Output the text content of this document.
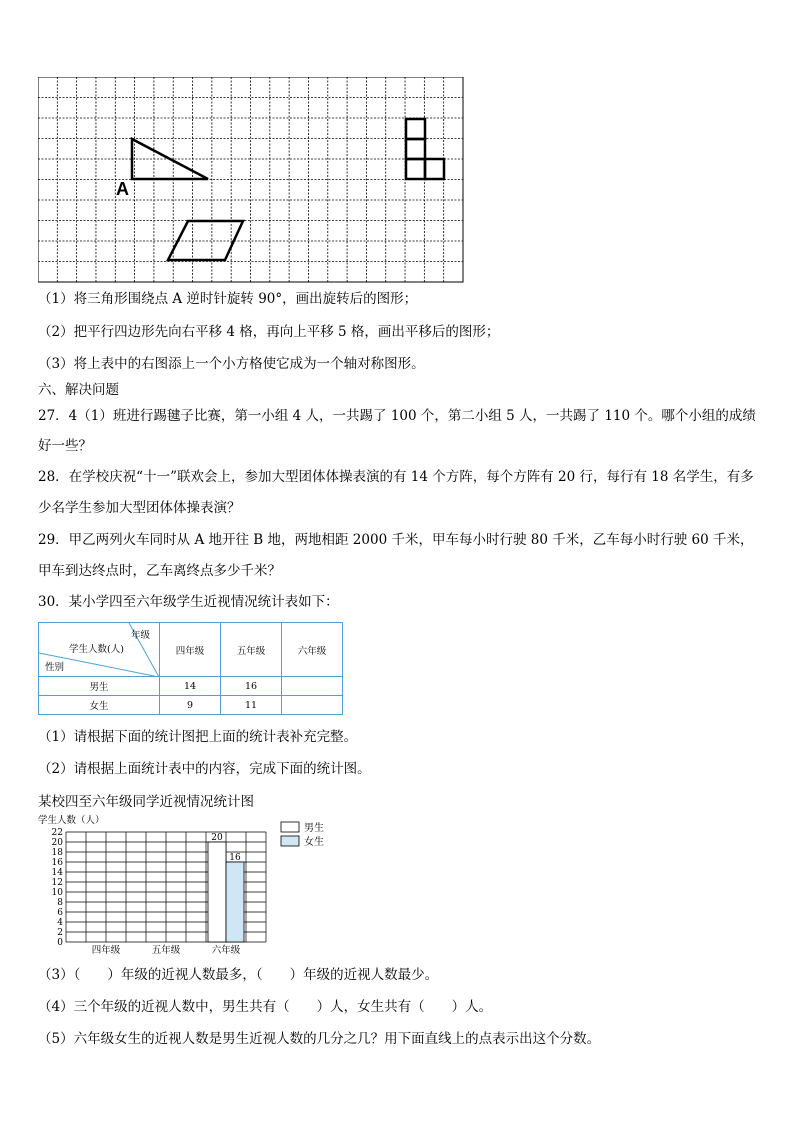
A
（1）将三角形围绕点 A 逆时针旋转 90°，画出旋转后的图形；
（2）把平行四边形先向右平移 4 格，再向上平移 5 格，画出平移后的图形；
（3）将上表中的右图添上一个小方格使它成为一个轴对称图形。
六、解决问题
27．4（1）班进行踢毽子比赛，第一小组 4 人，一共踢了 100 个，第二小组 5 人，一共踢了 110 个。哪个小组的成绩
好一些？
28．在学校庆祝“十一”联欢会上，参加大型团体体操表演的有 14 个方阵，每个方阵有 20 行，每行有 18 名学生，有多
少名学生参加大型团体体操表演？
29．甲乙两列火车同时从 A 地开往 B 地，两地相距 2000 千米，甲车每小时行驶 80 千米，乙车每小时行驶 60 千米，
甲车到达终点时，乙车离终点多少千米？
30．某小学四至六年级学生近视情况统计表如下：
年级
学生人数(人)
性别	四年级	五年级	六年级
男生	14	16	
女生	9	11	
（1）请根据下面的统计图把上面的统计表补充完整。
（2）请根据上面统计表中的内容，完成下面的统计图。
某校四至六年级同学近视情况统计图
学生人数（人）
0
2
4
6
8
10
12
14
16
18
20
22
四年级	五年级	六年级
20
16
男生
女生
（3）（　　）年级的近视人数最多，（　　）年级的近视人数最少。
（4）三个年级的近视人数中，男生共有（　　）人，女生共有（　　）人。
（5）六年级女生的近视人数是男生近视人数的几分之几？用下面直线上的点表示出这个分数。
